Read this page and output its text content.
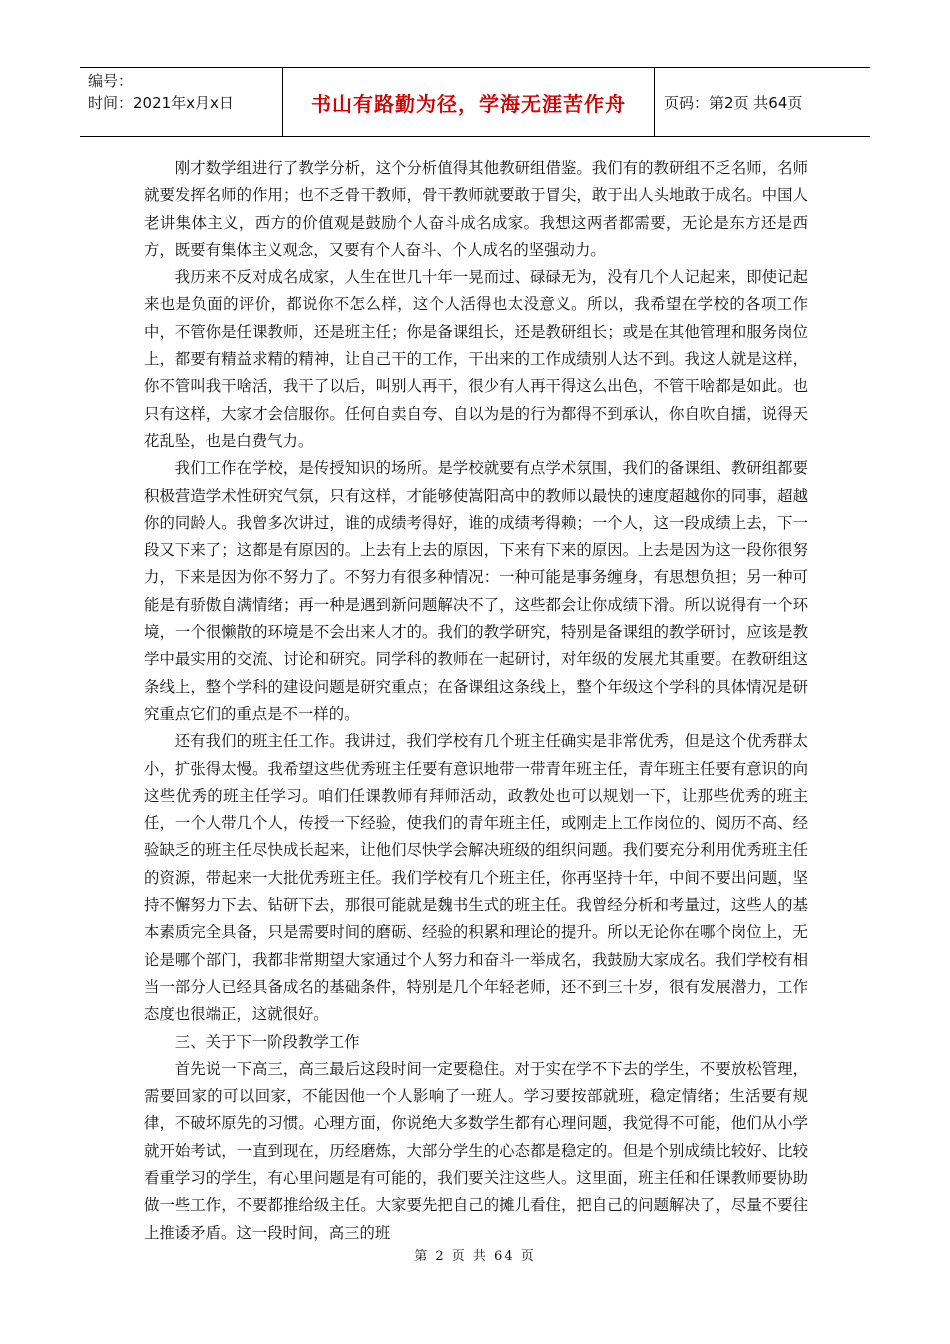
编号：
时间：2021年x月x日	书山有路勤为径，学海无涯苦作舟	页码：第2页 共64页

刚才数学组进行了教学分析，这个分析值得其他教研组借鉴。我们有的教研组不乏名师，名师就要发挥名师的作用；也不乏骨干教师，骨干教师就要敢于冒尖，敢于出人头地敢于成名。中国人老讲集体主义，西方的价值观是鼓励个人奋斗成名成家。我想这两者都需要，无论是东方还是西方，既要有集体主义观念，又要有个人奋斗、个人成名的坚强动力。

我历来不反对成名成家，人生在世几十年一晃而过、碌碌无为，没有几个人记起来，即使记起来也是负面的评价，都说你不怎么样，这个人活得也太没意义。所以，我希望在学校的各项工作中，不管你是任课教师，还是班主任；你是备课组长，还是教研组长；或是在其他管理和服务岗位上，都要有精益求精的精神，让自己干的工作，干出来的工作成绩别人达不到。我这人就是这样，你不管叫我干啥活，我干了以后，叫别人再干，很少有人再干得这么出色，不管干啥都是如此。也只有这样，大家才会信服你。任何自卖自夸、自以为是的行为都得不到承认，你自吹自擂，说得天花乱坠，也是白费气力。

我们工作在学校，是传授知识的场所。是学校就要有点学术氛围，我们的备课组、教研组都要积极营造学术性研究气氛，只有这样，才能够使嵩阳高中的教师以最快的速度超越你的同事，超越你的同龄人。我曾多次讲过，谁的成绩考得好，谁的成绩考得赖；一个人，这一段成绩上去，下一段又下来了；这都是有原因的。上去有上去的原因，下来有下来的原因。上去是因为这一段你很努力，下来是因为你不努力了。不努力有很多种情况：一种可能是事务缠身，有思想负担；另一种可能是有骄傲自满情绪；再一种是遇到新问题解决不了，这些都会让你成绩下滑。所以说得有一个环境，一个很懒散的环境是不会出来人才的。我们的教学研究，特别是备课组的教学研讨，应该是教学中最实用的交流、讨论和研究。同学科的教师在一起研讨，对年级的发展尤其重要。在教研组这条线上，整个学科的建设问题是研究重点；在备课组这条线上，整个年级这个学科的具体情况是研究重点它们的重点是不一样的。

还有我们的班主任工作。我讲过，我们学校有几个班主任确实是非常优秀，但是这个优秀群太小，扩张得太慢。我希望这些优秀班主任要有意识地带一带青年班主任，青年班主任要有意识的向这些优秀的班主任学习。咱们任课教师有拜师活动，政教处也可以规划一下，让那些优秀的班主任，一个人带几个人，传授一下经验，使我们的青年班主任，或刚走上工作岗位的、阅历不高、经验缺乏的班主任尽快成长起来，让他们尽快学会解决班级的组织问题。我们要充分利用优秀班主任的资源，带起来一大批优秀班主任。我们学校有几个班主任，你再坚持十年，中间不要出问题，坚持不懈努力下去、钻研下去，那很可能就是魏书生式的班主任。我曾经分析和考量过，这些人的基本素质完全具备，只是需要时间的磨砺、经验的积累和理论的提升。所以无论你在哪个岗位上，无论是哪个部门，我都非常期望大家通过个人努力和奋斗一举成名，我鼓励大家成名。我们学校有相当一部分人已经具备成名的基础条件，特别是几个年轻老师，还不到三十岁，很有发展潜力，工作态度也很端正，这就很好。

三、关于下一阶段教学工作

首先说一下高三，高三最后这段时间一定要稳住。对于实在学不下去的学生，不要放松管理，需要回家的可以回家，不能因他一个人影响了一班人。学习要按部就班，稳定情绪；生活要有规律，不破坏原先的习惯。心理方面，你说绝大多数学生都有心理问题，我觉得不可能，他们从小学就开始考试，一直到现在，历经磨炼，大部分学生的心态都是稳定的。但是个别成绩比较好、比较看重学习的学生，有心里问题是有可能的，我们要关注这些人。这里面，班主任和任课教师要协助做一些工作，不要都推给级主任。大家要先把自己的摊儿看住，把自己的问题解决了，尽量不要往上推诿矛盾。这一段时间，高三的班

第 2 页 共 64 页
